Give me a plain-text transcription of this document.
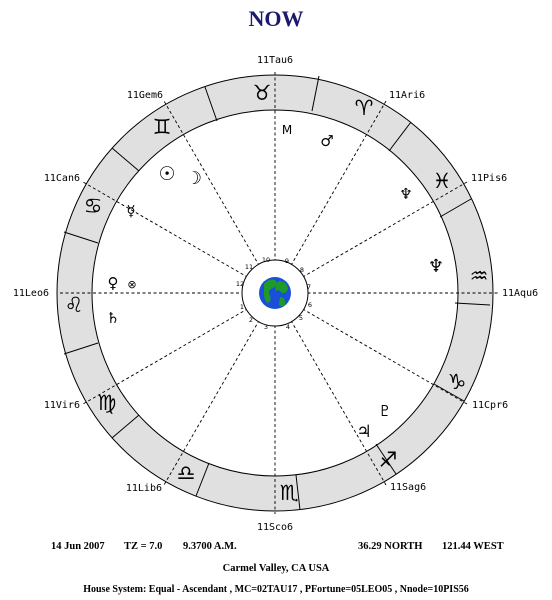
NOW
10 9
8
7
6
5
4
3
2
1
12
11
♉
♈
♓
♒
♑
♐
♏
♎
♍
♌
♋
♊	M
♂
♆
♆
♇
♃
☉ ☽
☿
♀ ⊗
♄
11Tau6
11Ari6
11Pis6
11Aqu6
11Cpr6
11Sag6
11Sco6
11Lib6
11Vir6
11Leo6
11Can6
11Gem6
14 Jun 2007 TZ = 7.0 9.3700 A.M.	36.29 NORTH 121.44 WEST
Carmel Valley, CA USA
House System: Equal - Ascendant , MC=02TAU17 , PFortune=05LEO05 , Nnode=10PIS56
